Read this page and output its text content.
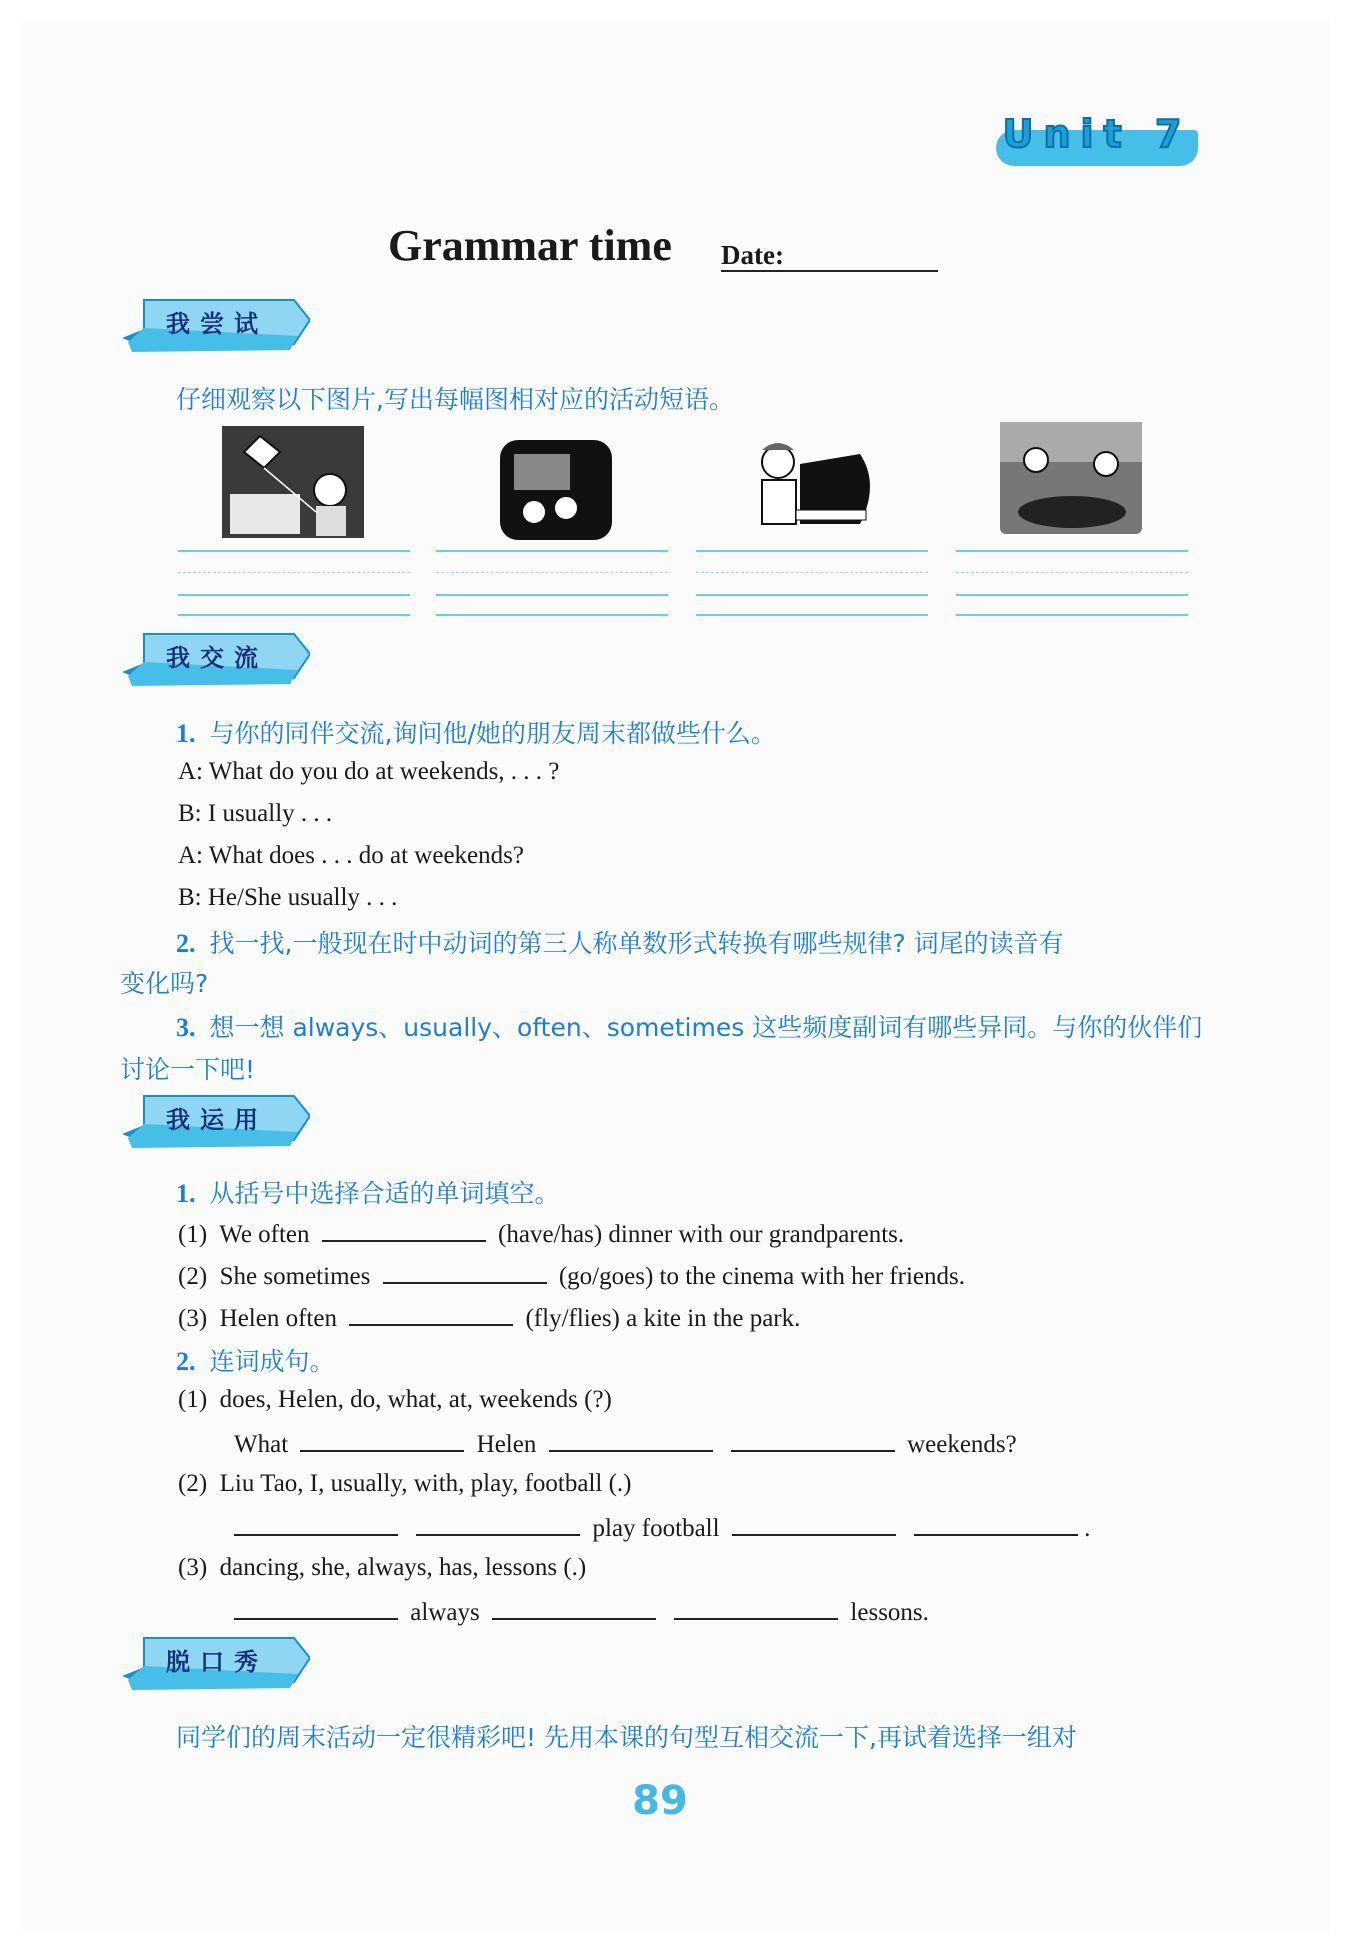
Unit 7
Grammar time Date:
我尝试
仔细观察以下图片,写出每幅图相对应的活动短语。
我交流
1. 与你的同伴交流,询问他/她的朋友周末都做些什么。
A: What do you do at weekends, . . . ?
B: I usually . . .
A: What does . . . do at weekends?
B: He/She usually . . .
2. 找一找,一般现在时中动词的第三人称单数形式转换有哪些规律? 词尾的读音有
变化吗?
3. 想一想 always、usually、often、sometimes 这些频度副词有哪些异同。与你的伙伴们
讨论一下吧!
我运用
1. 从括号中选择合适的单词填空。
(1) We often	(have/has) dinner with our grandparents.
(2) She sometimes	(go/goes) to the cinema with her friends.
(3) Helen often	(fly/flies) a kite in the park.
2. 连词成句。
(1) does, Helen, do, what, at, weekends (?)
What	Helen	weekends?
(2) Liu Tao, I, usually, with, play, football (.)
play football	.
(3) dancing, she, always, has, lessons (.)
always	lessons.
脱口秀
同学们的周末活动一定很精彩吧! 先用本课的句型互相交流一下,再试着选择一组对
89
